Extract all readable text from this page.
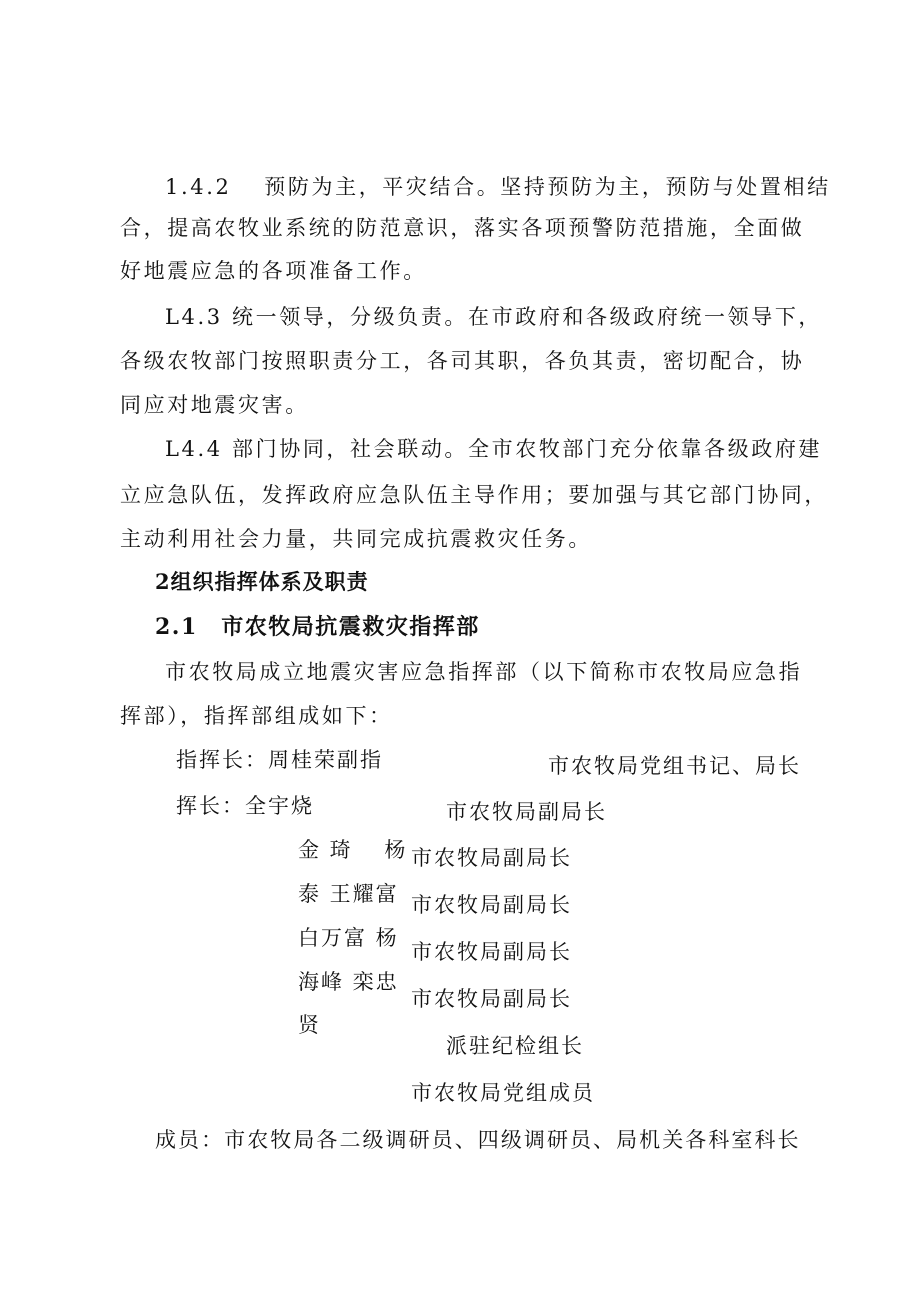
1.4.2　 预防为主，平灾结合。坚持预防为主，预防与处置相结

合，提高农牧业系统的防范意识，落实各项预警防范措施，全面做

好地震应急的各项准备工作。

L4.3 统一领导，分级负责。在市政府和各级政府统一领导下，

各级农牧部门按照职责分工，各司其职，各负其责，密切配合，协

同应对地震灾害。

L4.4 部门协同，社会联动。全市农牧部门充分依靠各级政府建

立应急队伍，发挥政府应急队伍主导作用；要加强与其它部门协同，

主动利用社会力量，共同完成抗震救灾任务。

2组织指挥体系及职责
2.1　市农牧局抗震救灾指挥部

市农牧局成立地震灾害应急指挥部（以下简称市农牧局应急指

挥部），指挥部组成如下：

指挥长：周桂荣副指

挥长：全宇烧

金 琦　 杨

泰 王耀富

白万富 杨

海峰 栾忠

贤

市农牧局党组书记、局长

市农牧局副局长

市农牧局副局长

市农牧局副局长

市农牧局副局长

市农牧局副局长

派驻纪检组长

市农牧局党组成员

成员：市农牧局各二级调研员、四级调研员、局机关各科室科长
